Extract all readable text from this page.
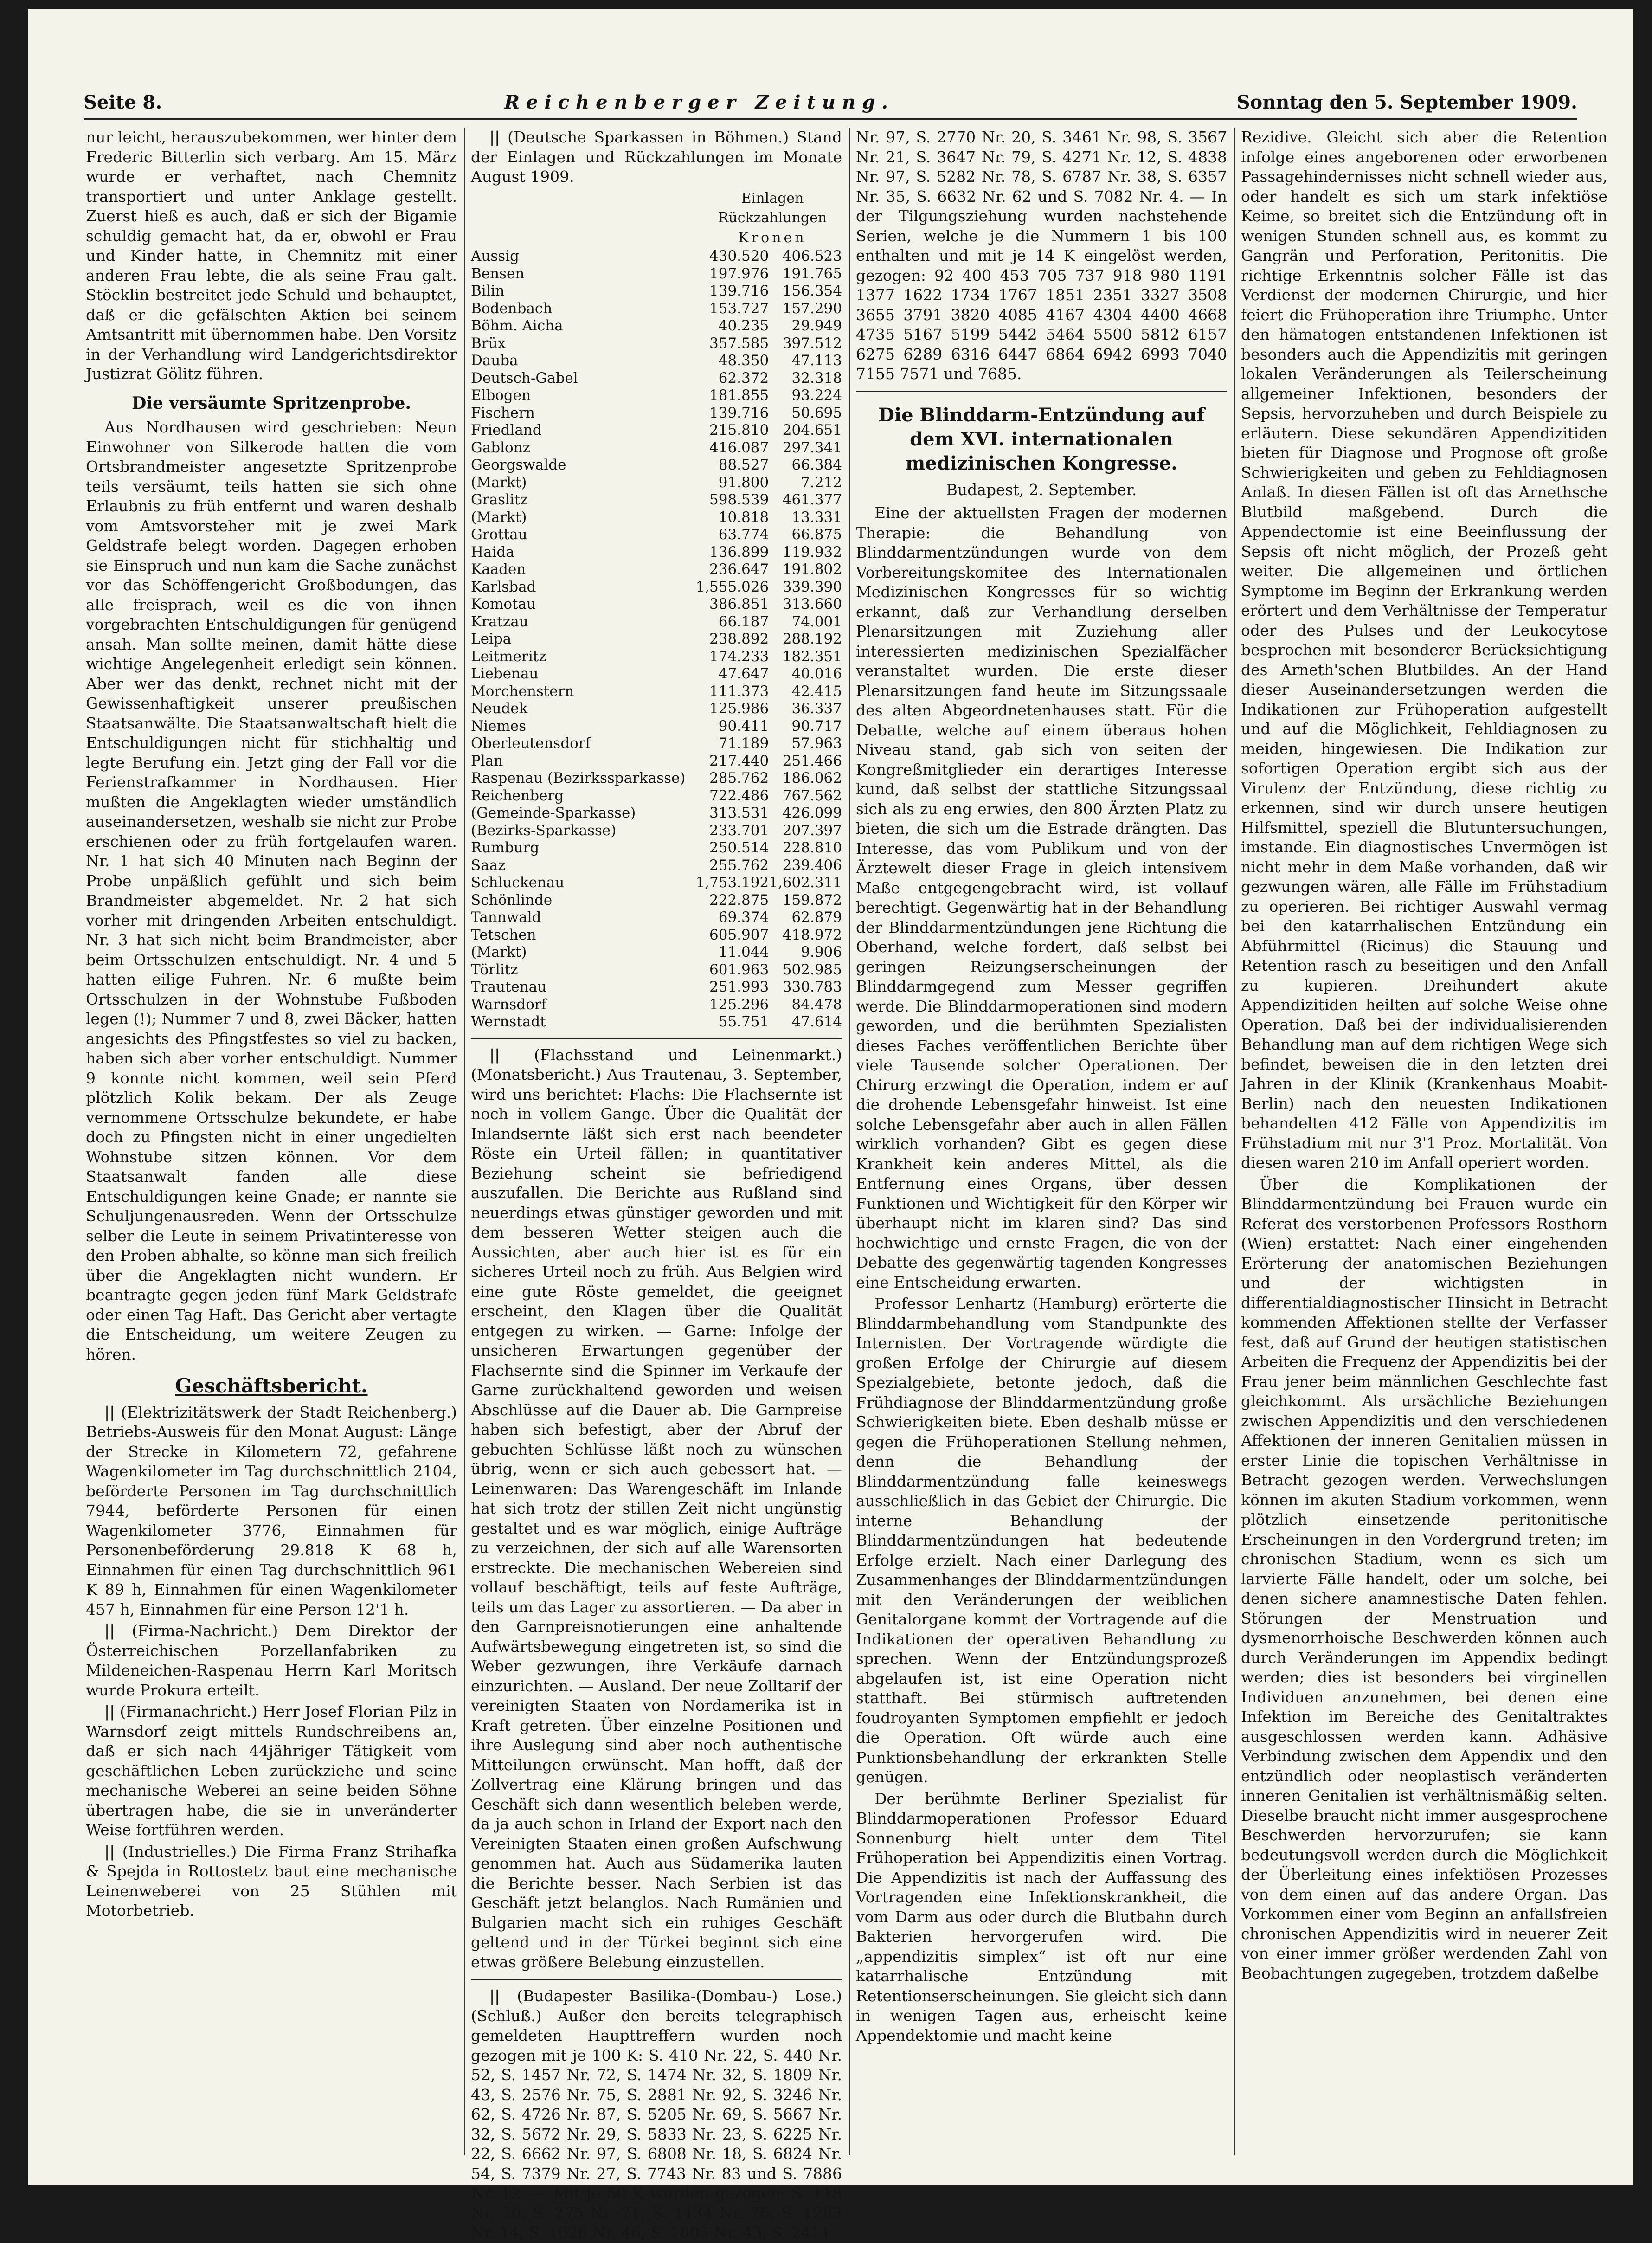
Seite 8.	Reichenberger Zeitung.	Sonntag den 5. September 1909.

nur leicht, herauszubekommen, wer hinter dem Frederic Bitterlin sich verbarg. Am 15. März wurde er verhaftet, nach Chemnitz transportiert und unter Anklage gestellt. Zuerst hieß es auch, daß er sich der Bigamie schuldig gemacht hat, da er, obwohl er Frau und Kinder hatte, in Chemnitz mit einer anderen Frau lebte, die als seine Frau galt. Stöcklin bestreitet jede Schuld und behauptet, daß er die gefälschten Aktien bei seinem Amtsantritt mit übernommen habe. Den Vorsitz in der Verhandlung wird Landgerichtsdirektor Justizrat Gölitz führen.

Die versäumte Spritzenprobe.

Aus Nordhausen wird geschrieben: Neun Einwohner von Silkerode hatten die vom Ortsbrandmeister angesetzte Spritzenprobe teils versäumt, teils hatten sie sich ohne Erlaubnis zu früh entfernt und waren deshalb vom Amtsvorsteher mit je zwei Mark Geldstrafe belegt worden. Dagegen erhoben sie Einspruch und nun kam die Sache zunächst vor das Schöffengericht Großbodungen, das alle freisprach, weil es die von ihnen vorgebrachten Entschuldigungen für genügend ansah. Man sollte meinen, damit hätte diese wichtige Angelegenheit erledigt sein können. Aber wer das denkt, rechnet nicht mit der Gewissenhaftigkeit unserer preußischen Staatsanwälte. Die Staatsanwaltschaft hielt die Entschuldigungen nicht für stichhaltig und legte Berufung ein. Jetzt ging der Fall vor die Ferienstrafkammer in Nordhausen. Hier mußten die Angeklagten wieder umständlich auseinandersetzen, weshalb sie nicht zur Probe erschienen oder zu früh fortgelaufen waren. Nr. 1 hat sich 40 Minuten nach Beginn der Probe unpäßlich gefühlt und sich beim Brandmeister abgemeldet. Nr. 2 hat sich vorher mit dringenden Arbeiten entschuldigt. Nr. 3 hat sich nicht beim Brandmeister, aber beim Ortsschulzen entschuldigt. Nr. 4 und 5 hatten eilige Fuhren. Nr. 6 mußte beim Ortsschulzen in der Wohnstube Fußboden legen (!); Nummer 7 und 8, zwei Bäcker, hatten angesichts des Pfingstfestes so viel zu backen, haben sich aber vorher entschuldigt. Nummer 9 konnte nicht kommen, weil sein Pferd plötzlich Kolik bekam. Der als Zeuge vernommene Ortsschulze bekundete, er habe doch zu Pfingsten nicht in einer ungedielten Wohnstube sitzen können. Vor dem Staatsanwalt fanden alle diese Entschuldigungen keine Gnade; er nannte sie Schuljungenausreden. Wenn der Ortsschulze selber die Leute in seinem Privatinteresse von den Proben abhalte, so könne man sich freilich über die Angeklagten nicht wundern. Er beantragte gegen jeden fünf Mark Geldstrafe oder einen Tag Haft. Das Gericht aber vertagte die Entscheidung, um weitere Zeugen zu hören.

Geschäftsbericht.

|| (Elektrizitätswerk der Stadt Reichenberg.) Betriebs-Ausweis für den Monat August: Länge der Strecke in Kilometern 72, gefahrene Wagenkilometer im Tag durchschnittlich 2104, beförderte Personen im Tag durchschnittlich 7944, beförderte Personen für einen Wagenkilometer 3776, Einnahmen für Personenbeförderung 29.818 K 68 h, Einnahmen für einen Tag durchschnittlich 961 K 89 h, Einnahmen für einen Wagenkilometer 457 h, Einnahmen für eine Person 12'1 h.

|| (Firma-Nachricht.) Dem Direktor der Österreichischen Porzellanfabriken zu Mildeneichen-Raspenau Herrn Karl Moritsch wurde Prokura erteilt.

|| (Firmanachricht.) Herr Josef Florian Pilz in Warnsdorf zeigt mittels Rundschreibens an, daß er sich nach 44jähriger Tätigkeit vom geschäftlichen Leben zurückziehe und seine mechanische Weberei an seine beiden Söhne übertragen habe, die sie in unveränderter Weise fortführen werden.

|| (Industrielles.) Die Firma Franz Strihafka & Spejda in Rottostetz baut eine mechanische Leinenweberei von 25 Stühlen mit Motorbetrieb.

|| (Deutsche Sparkassen in Böhmen.) Stand der Einlagen und Rückzahlungen im Monate August 1909.

Einlagen Rückzahlungen
Kronen
Aussig	430.520	406.523
Bensen	197.976	191.765
Bilin	139.716	156.354
Bodenbach	153.727	157.290
Böhm. Aicha	40.235	29.949
Brüx	357.585	397.512
Dauba	48.350	47.113
Deutsch-Gabel	62.372	32.318
Elbogen	181.855	93.224
Fischern	139.716	50.695
Friedland	215.810	204.651
Gablonz	416.087	297.341
Georgswalde	88.527	66.384
(Markt)	91.800	7.212
Graslitz	598.539	461.377
(Markt)	10.818	13.331
Grottau	63.774	66.875
Haida	136.899	119.932
Kaaden	236.647	191.802
Karlsbad	1,555.026	339.390
Komotau	386.851	313.660
Kratzau	66.187	74.001
Leipa	238.892	288.192
Leitmeritz	174.233	182.351
Liebenau	47.647	40.016
Morchenstern	111.373	42.415
Neudek	125.986	36.337
Niemes	90.411	90.717
Oberleutensdorf	71.189	57.963
Plan	217.440	251.466
Raspenau (Bezirkssparkasse)	285.762	186.062
Reichenberg	722.486	767.562
(Gemeinde-Sparkasse)	313.531	426.099
(Bezirks-Sparkasse)	233.701	207.397
Rumburg	250.514	228.810
Saaz	255.762	239.406
Schluckenau	1,753.192	1,602.311
Schönlinde	222.875	159.872
Tannwald	69.374	62.879
Tetschen	605.907	418.972
(Markt)	11.044	9.906
Törlitz	601.963	502.985
Trautenau	251.993	330.783
Warnsdorf	125.296	84.478
Wernstadt	55.751	47.614

|| (Flachsstand und Leinenmarkt.) (Monatsbericht.) Aus Trautenau, 3. September, wird uns berichtet: Flachs: Die Flachsernte ist noch in vollem Gange. Über die Qualität der Inlandsernte läßt sich erst nach beendeter Röste ein Urteil fällen; in quantitativer Beziehung scheint sie befriedigend auszufallen. Die Berichte aus Rußland sind neuerdings etwas günstiger geworden und mit dem besseren Wetter steigen auch die Aussichten, aber auch hier ist es für ein sicheres Urteil noch zu früh. Aus Belgien wird eine gute Röste gemeldet, die geeignet erscheint, den Klagen über die Qualität entgegen zu wirken. — Garne: Infolge der unsicheren Erwartungen gegenüber der Flachsernte sind die Spinner im Verkaufe der Garne zurückhaltend geworden und weisen Abschlüsse auf die Dauer ab. Die Garnpreise haben sich befestigt, aber der Abruf der gebuchten Schlüsse läßt noch zu wünschen übrig, wenn er sich auch gebessert hat. — Leinenwaren: Das Warengeschäft im Inlande hat sich trotz der stillen Zeit nicht ungünstig gestaltet und es war möglich, einige Aufträge zu verzeichnen, der sich auf alle Warensorten erstreckte. Die mechanischen Webereien sind vollauf beschäftigt, teils auf feste Aufträge, teils um das Lager zu assortieren. — Da aber in den Garnpreisnotierungen eine anhaltende Aufwärtsbewegung eingetreten ist, so sind die Weber gezwungen, ihre Verkäufe darnach einzurichten. — Ausland. Der neue Zolltarif der vereinigten Staaten von Nordamerika ist in Kraft getreten. Über einzelne Positionen und ihre Auslegung sind aber noch authentische Mitteilungen erwünscht. Man hofft, daß der Zollvertrag eine Klärung bringen und das Geschäft sich dann wesentlich beleben werde, da ja auch schon in Irland der Export nach den Vereinigten Staaten einen großen Aufschwung genommen hat. Auch aus Südamerika lauten die Berichte besser. Nach Serbien ist das Geschäft jetzt belanglos. Nach Rumänien und Bulgarien macht sich ein ruhiges Geschäft geltend und in der Türkei beginnt sich eine etwas größere Belebung einzustellen.

|| (Budapester Basilika-(Dombau-) Lose.) (Schluß.) Außer den bereits telegraphisch gemeldeten Haupttreffern wurden noch gezogen mit je 100 K: S. 410 Nr. 22, S. 440 Nr. 52, S. 1457 Nr. 72, S. 1474 Nr. 32, S. 1809 Nr. 43, S. 2576 Nr. 75, S. 2881 Nr. 92, S. 3246 Nr. 62, S. 4726 Nr. 87, S. 5205 Nr. 69, S. 5667 Nr. 32, S. 5672 Nr. 29, S. 5833 Nr. 23, S. 6225 Nr. 22, S. 6662 Nr. 97, S. 6808 Nr. 18, S. 6824 Nr. 54, S. 7379 Nr. 27, S. 7743 Nr. 83 und S. 7886 Nr. 12. — Mit je 50 K wurden gezogen: S. 118 Nr. 20, S. 275 Nr. 71, S. 1134 Nr. 76, S. 1283 Nr. 14, S. 1626 Nr. 46, S. 1805 Nr. 43, S. 2411

Nr. 97, S. 2770 Nr. 20, S. 3461 Nr. 98, S. 3567 Nr. 21, S. 3647 Nr. 79, S. 4271 Nr. 12, S. 4838 Nr. 97, S. 5282 Nr. 78, S. 6787 Nr. 38, S. 6357 Nr. 35, S. 6632 Nr. 62 und S. 7082 Nr. 4. — In der Tilgungsziehung wurden nachstehende Serien, welche je die Nummern 1 bis 100 enthalten und mit je 14 K eingelöst werden, gezogen: 92 400 453 705 737 918 980 1191 1377 1622 1734 1767 1851 2351 3327 3508 3655 3791 3820 4085 4167 4304 4400 4668 4735 5167 5199 5442 5464 5500 5812 6157 6275 6289 6316 6447 6864 6942 6993 7040 7155 7571 und 7685.

Die Blinddarm-Entzündung auf dem XVI. internationalen medizinischen Kongresse.
Budapest, 2. September.

Eine der aktuellsten Fragen der modernen Therapie: die Behandlung von Blinddarmentzündungen wurde von dem Vorbereitungskomitee des Internationalen Medizinischen Kongresses für so wichtig erkannt, daß zur Verhandlung derselben Plenarsitzungen mit Zuziehung aller interessierten medizinischen Spezialfächer veranstaltet wurden. Die erste dieser Plenarsitzungen fand heute im Sitzungssaale des alten Abgeordnetenhauses statt. Für die Debatte, welche auf einem überaus hohen Niveau stand, gab sich von seiten der Kongreßmitglieder ein derartiges Interesse kund, daß selbst der stattliche Sitzungssaal sich als zu eng erwies, den 800 Ärzten Platz zu bieten, die sich um die Estrade drängten. Das Interesse, das vom Publikum und von der Ärztewelt dieser Frage in gleich intensivem Maße entgegengebracht wird, ist vollauf berechtigt. Gegenwärtig hat in der Behandlung der Blinddarmentzündungen jene Richtung die Oberhand, welche fordert, daß selbst bei geringen Reizungserscheinungen der Blinddarmgegend zum Messer gegriffen werde. Die Blinddarmoperationen sind modern geworden, und die berühmten Spezialisten dieses Faches veröffentlichen Berichte über viele Tausende solcher Operationen. Der Chirurg erzwingt die Operation, indem er auf die drohende Lebensgefahr hinweist. Ist eine solche Lebensgefahr aber auch in allen Fällen wirklich vorhanden? Gibt es gegen diese Krankheit kein anderes Mittel, als die Entfernung eines Organs, über dessen Funktionen und Wichtigkeit für den Körper wir überhaupt nicht im klaren sind? Das sind hochwichtige und ernste Fragen, die von der Debatte des gegenwärtig tagenden Kongresses eine Entscheidung erwarten.

Professor Lenhartz (Hamburg) erörterte die Blinddarmbehandlung vom Standpunkte des Internisten. Der Vortragende würdigte die großen Erfolge der Chirurgie auf diesem Spezialgebiete, betonte jedoch, daß die Frühdiagnose der Blinddarmentzündung große Schwierigkeiten biete. Eben deshalb müsse er gegen die Frühoperationen Stellung nehmen, denn die Behandlung der Blinddarmentzündung falle keineswegs ausschließlich in das Gebiet der Chirurgie. Die interne Behandlung der Blinddarmentzündungen hat bedeutende Erfolge erzielt. Nach einer Darlegung des Zusammenhanges der Blinddarmentzündungen mit den Veränderungen der weiblichen Genitalorgane kommt der Vortragende auf die Indikationen der operativen Behandlung zu sprechen. Wenn der Entzündungsprozeß abgelaufen ist, ist eine Operation nicht statthaft. Bei stürmisch auftretenden foudroyanten Symptomen empfiehlt er jedoch die Operation. Oft würde auch eine Punktionsbehandlung der erkrankten Stelle genügen.

Der berühmte Berliner Spezialist für Blinddarmoperationen Professor Eduard Sonnenburg hielt unter dem Titel Frühoperation bei Appendizitis einen Vortrag. Die Appendizitis ist nach der Auffassung des Vortragenden eine Infektionskrankheit, die vom Darm aus oder durch die Blutbahn durch Bakterien hervorgerufen wird. Die „appendizitis simplex“ ist oft nur eine katarrhalische Entzündung mit Retentionserscheinungen. Sie gleicht sich dann in wenigen Tagen aus, erheischt keine Appendektomie und macht keine

Rezidive. Gleicht sich aber die Retention infolge eines angeborenen oder erworbenen Passagehindernisses nicht schnell wieder aus, oder handelt es sich um stark infektiöse Keime, so breitet sich die Entzündung oft in wenigen Stunden schnell aus, es kommt zu Gangrän und Perforation, Peritonitis. Die richtige Erkenntnis solcher Fälle ist das Verdienst der modernen Chirurgie, und hier feiert die Frühoperation ihre Triumphe. Unter den hämatogen entstandenen Infektionen ist besonders auch die Appendizitis mit geringen lokalen Veränderungen als Teilerscheinung allgemeiner Infektionen, besonders der Sepsis, hervorzuheben und durch Beispiele zu erläutern. Diese sekundären Appendizitiden bieten für Diagnose und Prognose oft große Schwierigkeiten und geben zu Fehldiagnosen Anlaß. In diesen Fällen ist oft das Arnethsche Blutbild maßgebend. Durch die Appendectomie ist eine Beeinflussung der Sepsis oft nicht möglich, der Prozeß geht weiter. Die allgemeinen und örtlichen Symptome im Beginn der Erkrankung werden erörtert und dem Verhältnisse der Temperatur oder des Pulses und der Leukocytose besprochen mit besonderer Berücksichtigung des Arneth'schen Blutbildes. An der Hand dieser Auseinandersetzungen werden die Indikationen zur Frühoperation aufgestellt und auf die Möglichkeit, Fehldiagnosen zu meiden, hingewiesen. Die Indikation zur sofortigen Operation ergibt sich aus der Virulenz der Entzündung, diese richtig zu erkennen, sind wir durch unsere heutigen Hilfsmittel, speziell die Blutuntersuchungen, imstande. Ein diagnostisches Unvermögen ist nicht mehr in dem Maße vorhanden, daß wir gezwungen wären, alle Fälle im Frühstadium zu operieren. Bei richtiger Auswahl vermag bei den katarrhalischen Entzündung ein Abführmittel (Ricinus) die Stauung und Retention rasch zu beseitigen und den Anfall zu kupieren. Dreihundert akute Appendizitiden heilten auf solche Weise ohne Operation. Daß bei der individualisierenden Behandlung man auf dem richtigen Wege sich befindet, beweisen die in den letzten drei Jahren in der Klinik (Krankenhaus Moabit-Berlin) nach den neuesten Indikationen behandelten 412 Fälle von Appendizitis im Frühstadium mit nur 3'1 Proz. Mortalität. Von diesen waren 210 im Anfall operiert worden.

Über die Komplikationen der Blinddarmentzündung bei Frauen wurde ein Referat des verstorbenen Professors Rosthorn (Wien) erstattet: Nach einer eingehenden Erörterung der anatomischen Beziehungen und der wichtigsten in differentialdiagnostischer Hinsicht in Betracht kommenden Affektionen stellte der Verfasser fest, daß auf Grund der heutigen statistischen Arbeiten die Frequenz der Appendizitis bei der Frau jener beim männlichen Geschlechte fast gleichkommt. Als ursächliche Beziehungen zwischen Appendizitis und den verschiedenen Affektionen der inneren Genitalien müssen in erster Linie die topischen Verhältnisse in Betracht gezogen werden. Verwechslungen können im akuten Stadium vorkommen, wenn plötzlich einsetzende peritonitische Erscheinungen in den Vordergrund treten; im chronischen Stadium, wenn es sich um larvierte Fälle handelt, oder um solche, bei denen sichere anamnestische Daten fehlen. Störungen der Menstruation und dysmenorrhoische Beschwerden können auch durch Veränderungen im Appendix bedingt werden; dies ist besonders bei virginellen Individuen anzunehmen, bei denen eine Infektion im Bereiche des Genitaltraktes ausgeschlossen werden kann. Adhäsive Verbindung zwischen dem Appendix und den entzündlich oder neoplastisch veränderten inneren Genitalien ist verhältnismäßig selten. Dieselbe braucht nicht immer ausgesprochene Beschwerden hervorzurufen; sie kann bedeutungsvoll werden durch die Möglichkeit der Überleitung eines infektiösen Prozesses von dem einen auf das andere Organ. Das Vorkommen einer vom Beginn an anfallsfreien chronischen Appendizitis wird in neuerer Zeit von einer immer größer werdenden Zahl von Beobachtungen zugegeben, trotzdem daßelbe
